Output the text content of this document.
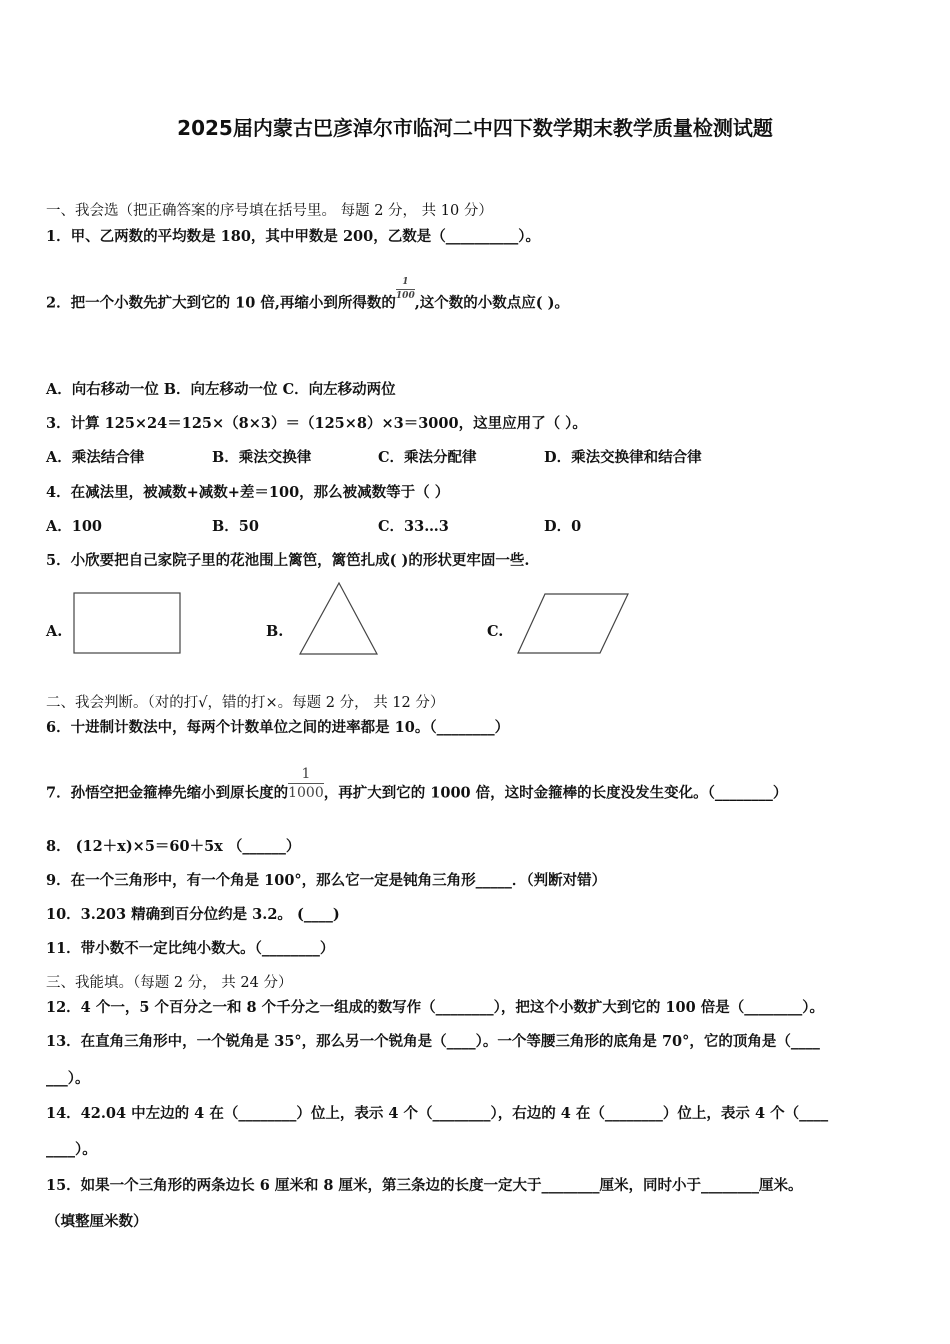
2025届内蒙古巴彦淖尔市临河二中四下数学期末教学质量检测试题
一、我会选（把正确答案的序号填在括号里。 每题 2 分， 共 10 分）
1．甲、乙两数的平均数是 180，其中甲数是 200，乙数是（__________）。
2．把一个小数先扩大到它的 10 倍,再缩小到所得数的
$\frac{1}{100}$
,这个数的小数点应( )。
A．向右移动一位 B．向左移动一位 C．向左移动两位
3．计算 125×24＝125×（8×3）＝（125×8）×3＝3000，这里应用了（ ）。
A．乘法结合律	B．乘法交换律	C．乘法分配律	D．乘法交换律和结合律
4．在减法里，被减数+减数+差＝100，那么被减数等于（ ）
A．100	B．50	C．33…3	D．0
5．小欣要把自己家院子里的花池围上篱笆，篱笆扎成( )的形状更牢固一些.
A.	B.	C.
二、我会判断。（对的打√，错的打×。每题 2 分， 共 12 分）
6．十进制计数法中，每两个计数单位之间的进率都是 10。（________）
7．孙悟空把金箍棒先缩小到原长度的 $\frac{1}{1000}$ ，再扩大到它的 1000 倍，这时金箍棒的长度没发生变化。（________）
8． (12＋x)×5＝60＋5x （______）
9．在一个三角形中，有一个角是 100°，那么它一定是钝角三角形_____．（判断对错）
10．3.203 精确到百分位约是 3.2。 (____)
11．带小数不一定比纯小数大。（________）
三、我能填。（每题 2 分， 共 24 分）
12．4 个一，5 个百分之一和 8 个千分之一组成的数写作（________），把这个小数扩大到它的 100 倍是（________）。
13．在直角三角形中，一个锐角是 35°，那么另一个锐角是（____）。一个等腰三角形的底角是 70°，它的顶角是（____
___）。
14．42.04 中左边的 4 在（________）位上，表示 4 个（________），右边的 4 在（________）位上，表示 4 个（____
____）。
15．如果一个三角形的两条边长 6 厘米和 8 厘米，第三条边的长度一定大于________厘米，同时小于________厘米。
（填整厘米数）
